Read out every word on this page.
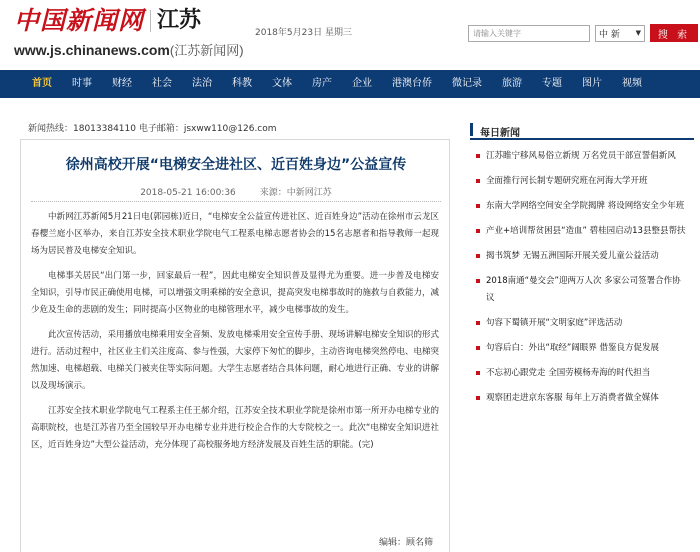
中国新闻网 江苏
www.js.chinanews.com(江苏新闻网)
2018年5月23日 星期三	请输入关键字	中 新 ▼	搜 索
首页	时事	财经	社会	法治	科教	文体	房产	企业	港澳台侨	微记录	旅游	专题	图片	视频
新闻热线：18013384110 电子邮箱：jsxww110@126.com
徐州高校开展“电梯安全进社区、近百姓身边”公益宣传
2018-05-21 16:00:36	来源：中新网江苏

中新网江苏新闻5月21日电(郭园栋)近日，“电梯安全公益宣传进社区、近百姓身边”活动在徐州市云龙区春樱兰庭小区举办，来自江苏安全技术职业学院电气工程系电梯志愿者协会的15名志愿者和指导教师一起现场为居民普及电梯安全知识。

电梯事关居民“出门第一步，回家最后一程”，因此电梯安全知识普及显得尤为重要。进一步普及电梯安全知识，引导市民正确使用电梯，可以增强文明乘梯的安全意识，提高突发电梯事故时的施救与自救能力，减少危及生命的悲剧的发生；同时提高小区物业的电梯管理水平，减少电梯事故的发生。

此次宣传活动，采用播放电梯乘用安全音频、发放电梯乘用安全宣传手册、现场讲解电梯安全知识的形式进行。活动过程中，社区业主们关注度高、参与性强，大家停下匆忙的脚步，主动咨询电梯突然停电、电梯突然加速、电梯超载、电梯关门被夹住等实际问题。大学生志愿者结合具体问题，耐心地进行正确、专业的讲解以及现场演示。

江苏安全技术职业学院电气工程系主任王郝介绍，江苏安全技术职业学院是徐州市第一所开办电梯专业的高职院校，也是江苏省乃至全国较早开办电梯专业并进行校企合作的大专院校之一。此次“电梯安全知识进社区，近百姓身边”大型公益活动，充分体现了高校服务地方经济发展及百姓生活的职能。(完)

编辑：顾名筛
每日新闻
江苏睢宁移风易俗立新规 万名党员干部宣誓倡新风
全面推行河长制专题研究班在河海大学开班
东南大学网络空间安全学院揭牌 将设网络安全少年班
产业+培训帮贫困县“造血” 碧桂园启动13县整县帮扶
揭书筑梦 无锡五洲国际开展关爱儿童公益活动
2018南通“曼交会”迎两万人次 多家公司签署合作协议
句容下蜀镇开展“文明家庭”评选活动
句容后白：外出“取经”阔眼界 借鉴良方促发展
不忘初心跟党走 全国劳模杨寿海的时代担当
观察团走进京东客服 每年上万消费者做全媒体
